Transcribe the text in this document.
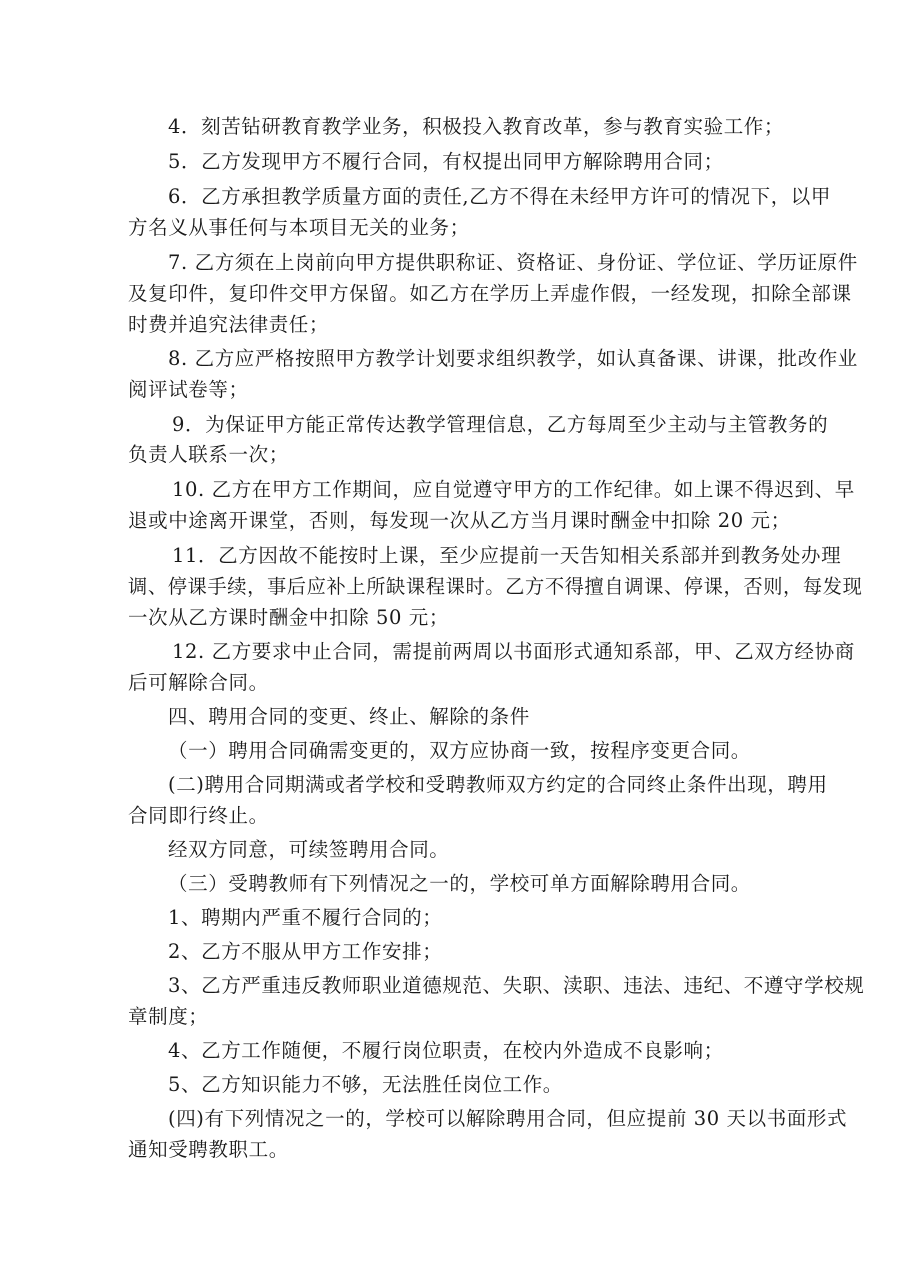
4．刻苦钻研教育教学业务，积极投入教育改革，参与教育实验工作；
5．乙方发现甲方不履行合同，有权提出同甲方解除聘用合同；
6．乙方承担教学质量方面的责任,乙方不得在未经甲方许可的情况下，以甲
方名义从事任何与本项目无关的业务；
7. 乙方须在上岗前向甲方提供职称证、资格证、身份证、学位证、学历证原件
及复印件，复印件交甲方保留。如乙方在学历上弄虚作假，一经发现，扣除全部课
时费并追究法律责任；
8. 乙方应严格按照甲方教学计划要求组织教学，如认真备课、讲课，批改作业
阅评试卷等；
9．为保证甲方能正常传达教学管理信息，乙方每周至少主动与主管教务的
负责人联系一次；
10. 乙方在甲方工作期间，应自觉遵守甲方的工作纪律。如上课不得迟到、早
退或中途离开课堂，否则，每发现一次从乙方当月课时酬金中扣除 20 元；
11．乙方因故不能按时上课，至少应提前一天告知相关系部并到教务处办理
调、停课手续，事后应补上所缺课程课时。乙方不得擅自调课、停课，否则，每发现
一次从乙方课时酬金中扣除 50 元；
12. 乙方要求中止合同，需提前两周以书面形式通知系部，甲、乙双方经协商
后可解除合同。
四、聘用合同的变更、终止、解除的条件
（一）聘用合同确需变更的，双方应协商一致，按程序变更合同。
(二)聘用合同期满或者学校和受聘教师双方约定的合同终止条件出现，聘用
合同即行终止。
经双方同意，可续签聘用合同。
（三）受聘教师有下列情况之一的，学校可单方面解除聘用合同。
1、聘期内严重不履行合同的；
2、乙方不服从甲方工作安排；
3、乙方严重违反教师职业道德规范、失职、渎职、违法、违纪、不遵守学校规
章制度；
4、乙方工作随便，不履行岗位职责，在校内外造成不良影响；
5、乙方知识能力不够，无法胜任岗位工作。
(四)有下列情况之一的，学校可以解除聘用合同，但应提前 30 天以书面形式
通知受聘教职工。
